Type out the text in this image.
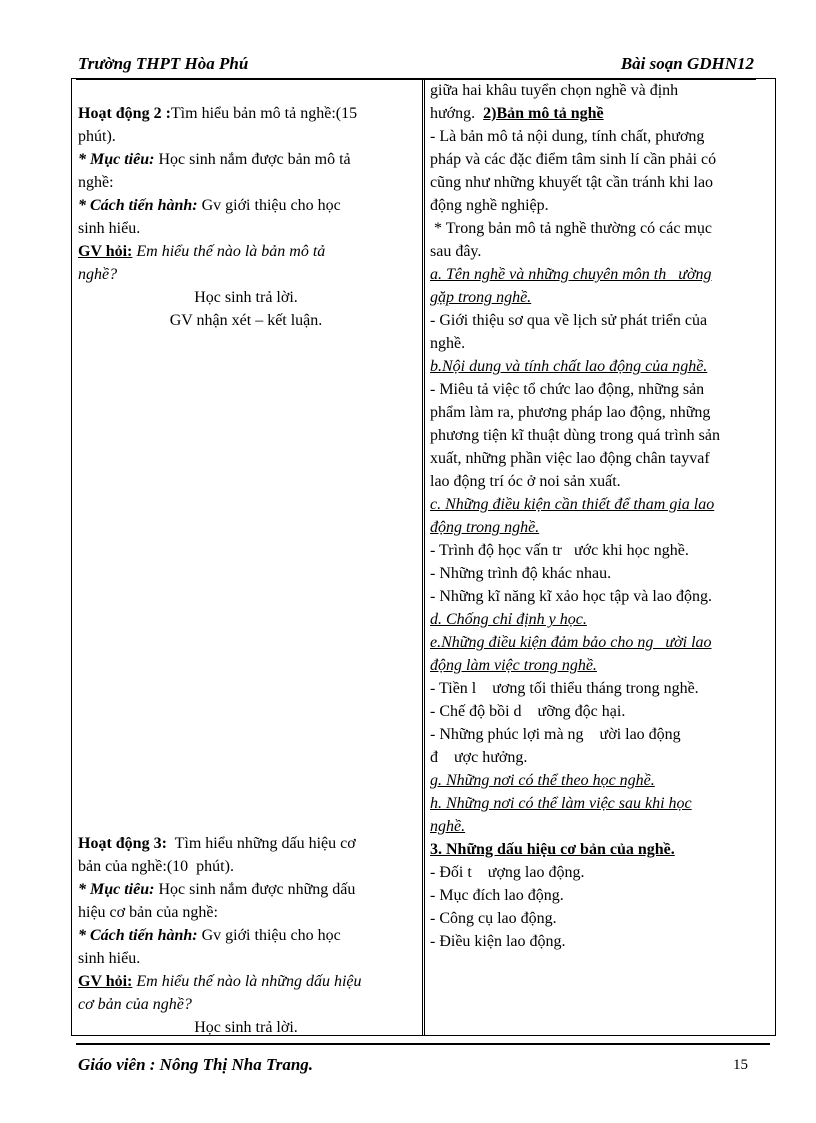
Trường THPT Hòa Phú	Bài soạn GDHN12
Hoạt động 2 :Tìm hiểu bản mô tả nghề:(15
phút).
* Mục tiêu: Học sinh nắm được bản mô tả
nghề:
* Cách tiến hành: Gv giới thiệu cho học
sinh hiểu.
GV hỏi: Em hiểu thế nào là bản mô tả
nghề?
Học sinh trả lời.
GV nhận xét – kết luận.
Hoạt động 3:  Tìm hiểu những dấu hiệu cơ
bản của nghề:(10  phút).
* Mục tiêu: Học sinh nắm được những dấu
hiệu cơ bản của nghề:
* Cách tiến hành: Gv giới thiệu cho học
sinh hiểu.
GV hỏi: Em hiểu thế nào là những dấu hiệu
cơ bản của nghề?
Học sinh trả lời.
giữa hai khâu tuyển chọn nghề và định
hướng.  2)Bản mô tả nghề
- Là bản mô tả nội dung, tính chất, phương
pháp và các đặc điểm tâm sinh lí cần phải có
cũng như những khuyết tật cần tránh khi lao
động nghề nghiệp.
* Trong bản mô tả nghề thường có các mục
sau đây.
a. Tên nghề và những chuyên môn th   ường
gặp trong nghề.
- Giới thiệu sơ qua về lịch sử phát triển của
nghề.
b.Nội dung và tính chất lao động của nghề.
- Miêu tả việc tổ chức lao động, những sản
phẩm làm ra, phương pháp lao động, những
phương tiện kĩ thuật dùng trong quá trình sản
xuất, những phần việc lao động chân tayvaf
lao động trí óc ở noi sản xuất.
c. Những điều kiện cần thiết để tham gia lao
động trong nghề.
- Trình độ học vấn tr   ước khi học nghề.
- Những trình độ khác nhau.
- Những kĩ năng kĩ xảo học tập và lao động.
d. Chống chỉ định y học.
e.Những điều kiện đảm bảo cho ng   ười lao
động làm việc trong nghề.
- Tiền l    ương tối thiểu tháng trong nghề.
- Chế độ bồi d    ưỡng độc hại.
- Những phúc lợi mà ng    ười lao động
đ    ược hưởng.
g. Những nơi có thể theo học nghề.
h. Những nơi có thể làm việc sau khi học
nghề.
3. Những dấu hiệu cơ bản của nghề.
- Đối t    ượng lao động.
- Mục đích lao động.
- Công cụ lao động.
- Điều kiện lao động.
Giáo viên : Nông Thị Nha Trang.	15
